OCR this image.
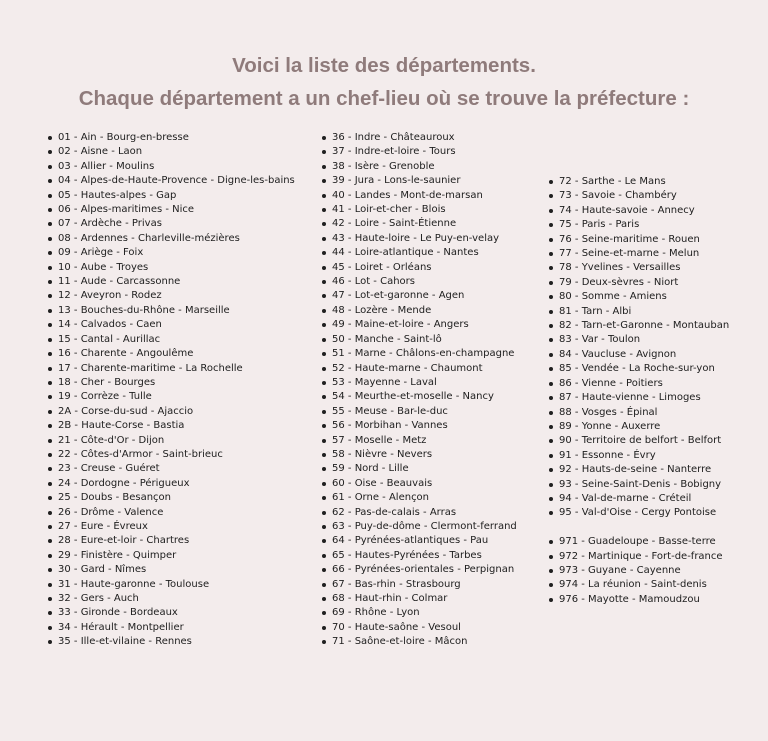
Voici la liste des départements.
Chaque département a un chef-lieu où se trouve la préfecture :
01 - Ain - Bourg-en-bresse
02 - Aisne - Laon
03 - Allier - Moulins
04 - Alpes-de-Haute-Provence - Digne-les-bains
05 - Hautes-alpes - Gap
06 - Alpes-maritimes - Nice
07 - Ardèche - Privas
08 - Ardennes - Charleville-mézières
09 - Ariège - Foix
10 - Aube - Troyes
11 - Aude - Carcassonne
12 - Aveyron - Rodez
13 - Bouches-du-Rhône - Marseille
14 - Calvados - Caen
15 - Cantal - Aurillac
16 - Charente - Angoulême
17 - Charente-maritime - La Rochelle
18 - Cher - Bourges
19 - Corrèze - Tulle
2A - Corse-du-sud - Ajaccio
2B - Haute-Corse - Bastia
21 - Côte-d'Or - Dijon
22 - Côtes-d'Armor - Saint-brieuc
23 - Creuse - Guéret
24 - Dordogne - Périgueux
25 - Doubs - Besançon
26 - Drôme - Valence
27 - Eure - Évreux
28 - Eure-et-loir - Chartres
29 - Finistère - Quimper
30 - Gard - Nîmes
31 - Haute-garonne - Toulouse
32 - Gers - Auch
33 - Gironde - Bordeaux
34 - Hérault - Montpellier
35 - Ille-et-vilaine - Rennes
36 - Indre - Châteauroux
37 - Indre-et-loire - Tours
38 - Isère - Grenoble
39 - Jura - Lons-le-saunier
40 - Landes - Mont-de-marsan
41 - Loir-et-cher - Blois
42 - Loire - Saint-Étienne
43 - Haute-loire - Le Puy-en-velay
44 - Loire-atlantique - Nantes
45 - Loiret - Orléans
46 - Lot - Cahors
47 - Lot-et-garonne - Agen
48 - Lozère - Mende
49 - Maine-et-loire - Angers
50 - Manche - Saint-lô
51 - Marne - Châlons-en-champagne
52 - Haute-marne - Chaumont
53 - Mayenne - Laval
54 - Meurthe-et-moselle - Nancy
55 - Meuse - Bar-le-duc
56 - Morbihan - Vannes
57 - Moselle - Metz
58 - Nièvre - Nevers
59 - Nord - Lille
60 - Oise - Beauvais
61 - Orne - Alençon
62 - Pas-de-calais - Arras
63 - Puy-de-dôme - Clermont-ferrand
64 - Pyrénées-atlantiques - Pau
65 - Hautes-Pyrénées - Tarbes
66 - Pyrénées-orientales - Perpignan
67 - Bas-rhin - Strasbourg
68 - Haut-rhin - Colmar
69 - Rhône - Lyon
70 - Haute-saône - Vesoul
71 - Saône-et-loire - Mâcon
72 - Sarthe - Le Mans
73 - Savoie - Chambéry
74 - Haute-savoie - Annecy
75 - Paris - Paris
76 - Seine-maritime - Rouen
77 - Seine-et-marne - Melun
78 - Yvelines - Versailles
79 - Deux-sèvres - Niort
80 - Somme - Amiens
81 - Tarn - Albi
82 - Tarn-et-Garonne - Montauban
83 - Var - Toulon
84 - Vaucluse - Avignon
85 - Vendée - La Roche-sur-yon
86 - Vienne - Poitiers
87 - Haute-vienne - Limoges
88 - Vosges - Épinal
89 - Yonne - Auxerre
90 - Territoire de belfort - Belfort
91 - Essonne - Évry
92 - Hauts-de-seine - Nanterre
93 - Seine-Saint-Denis - Bobigny
94 - Val-de-marne - Créteil
95 - Val-d'Oise - Cergy Pontoise
971 - Guadeloupe - Basse-terre
972 - Martinique - Fort-de-france
973 - Guyane - Cayenne
974 - La réunion - Saint-denis
976 - Mayotte - Mamoudzou
